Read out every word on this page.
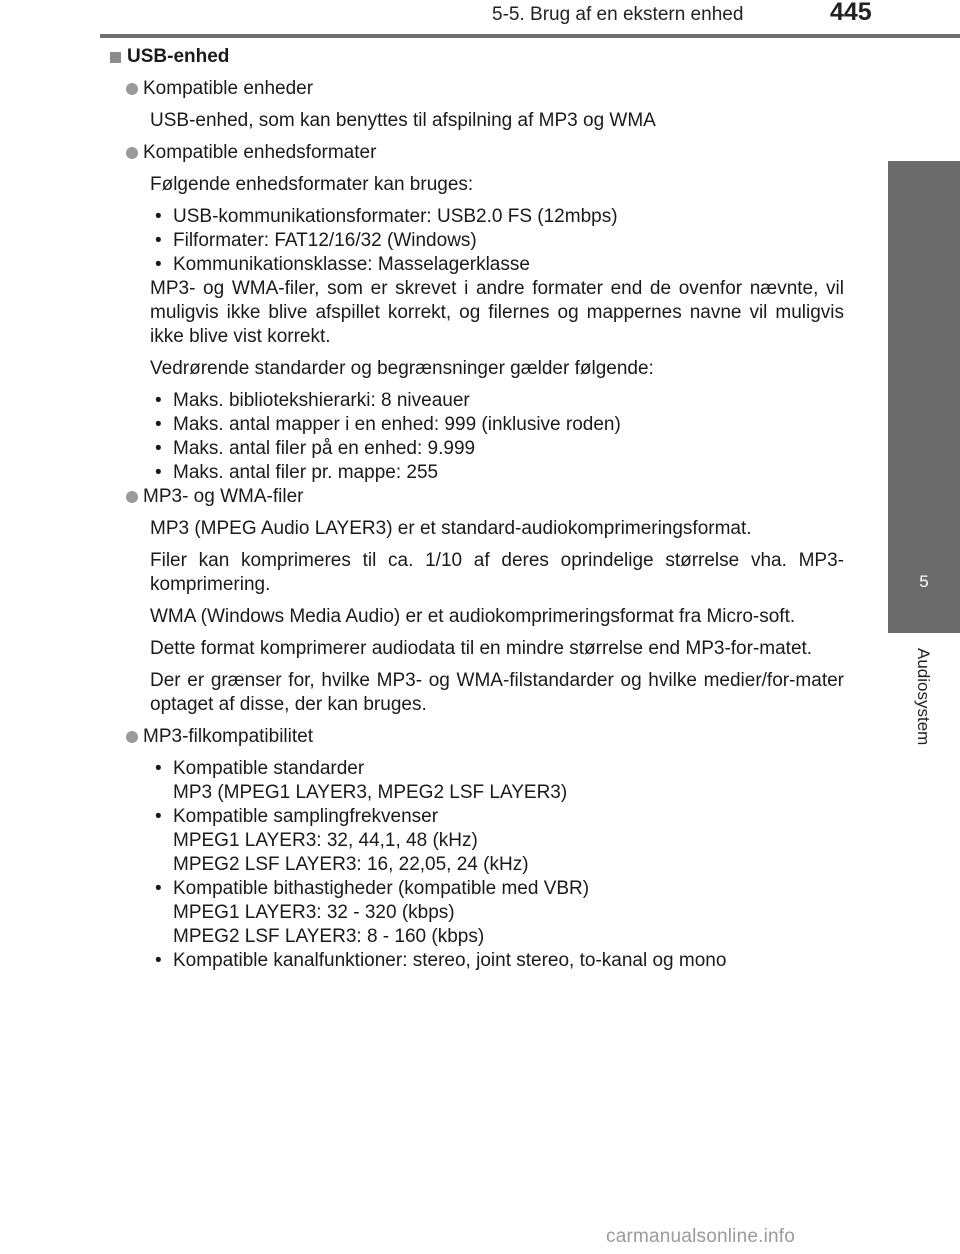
5-5. Brug af en ekstern enhed	445
5
Audiosystem
USB-enhed
Kompatible enheder
USB-enhed, som kan benyttes til afspilning af MP3 og WMA
Kompatible enhedsformater
Følgende enhedsformater kan bruges:
• USB-kommunikationsformater: USB2.0 FS (12mbps)
• Filformater: FAT12/16/32 (Windows)
• Kommunikationsklasse: Masselagerklasse
MP3- og WMA-filer, som er skrevet i andre formater end de ovenfor nævnte, vil muligvis ikke blive afspillet korrekt, og filernes og mappernes navne vil muligvis ikke blive vist korrekt.
Vedrørende standarder og begrænsninger gælder følgende:
• Maks. bibliotekshierarki: 8 niveauer
• Maks. antal mapper i en enhed: 999 (inklusive roden)
• Maks. antal filer på en enhed: 9.999
• Maks. antal filer pr. mappe: 255
MP3- og WMA-filer
MP3 (MPEG Audio LAYER3) er et standard-audiokomprimeringsformat.
Filer kan komprimeres til ca. 1/10 af deres oprindelige størrelse vha. MP3-komprimering.
WMA (Windows Media Audio) er et audiokomprimeringsformat fra Micro-soft.
Dette format komprimerer audiodata til en mindre størrelse end MP3-for-matet.
Der er grænser for, hvilke MP3- og WMA-filstandarder og hvilke medier/for-mater optaget af disse, der kan bruges.
MP3-filkompatibilitet
• Kompatible standarder
MP3 (MPEG1 LAYER3, MPEG2 LSF LAYER3)
• Kompatible samplingfrekvenser
MPEG1 LAYER3: 32, 44,1, 48 (kHz)
MPEG2 LSF LAYER3: 16, 22,05, 24 (kHz)
• Kompatible bithastigheder (kompatible med VBR)
MPEG1 LAYER3: 32 - 320 (kbps)
MPEG2 LSF LAYER3: 8 - 160 (kbps)
• Kompatible kanalfunktioner: stereo, joint stereo, to-kanal og mono
carmanualsonline.info
